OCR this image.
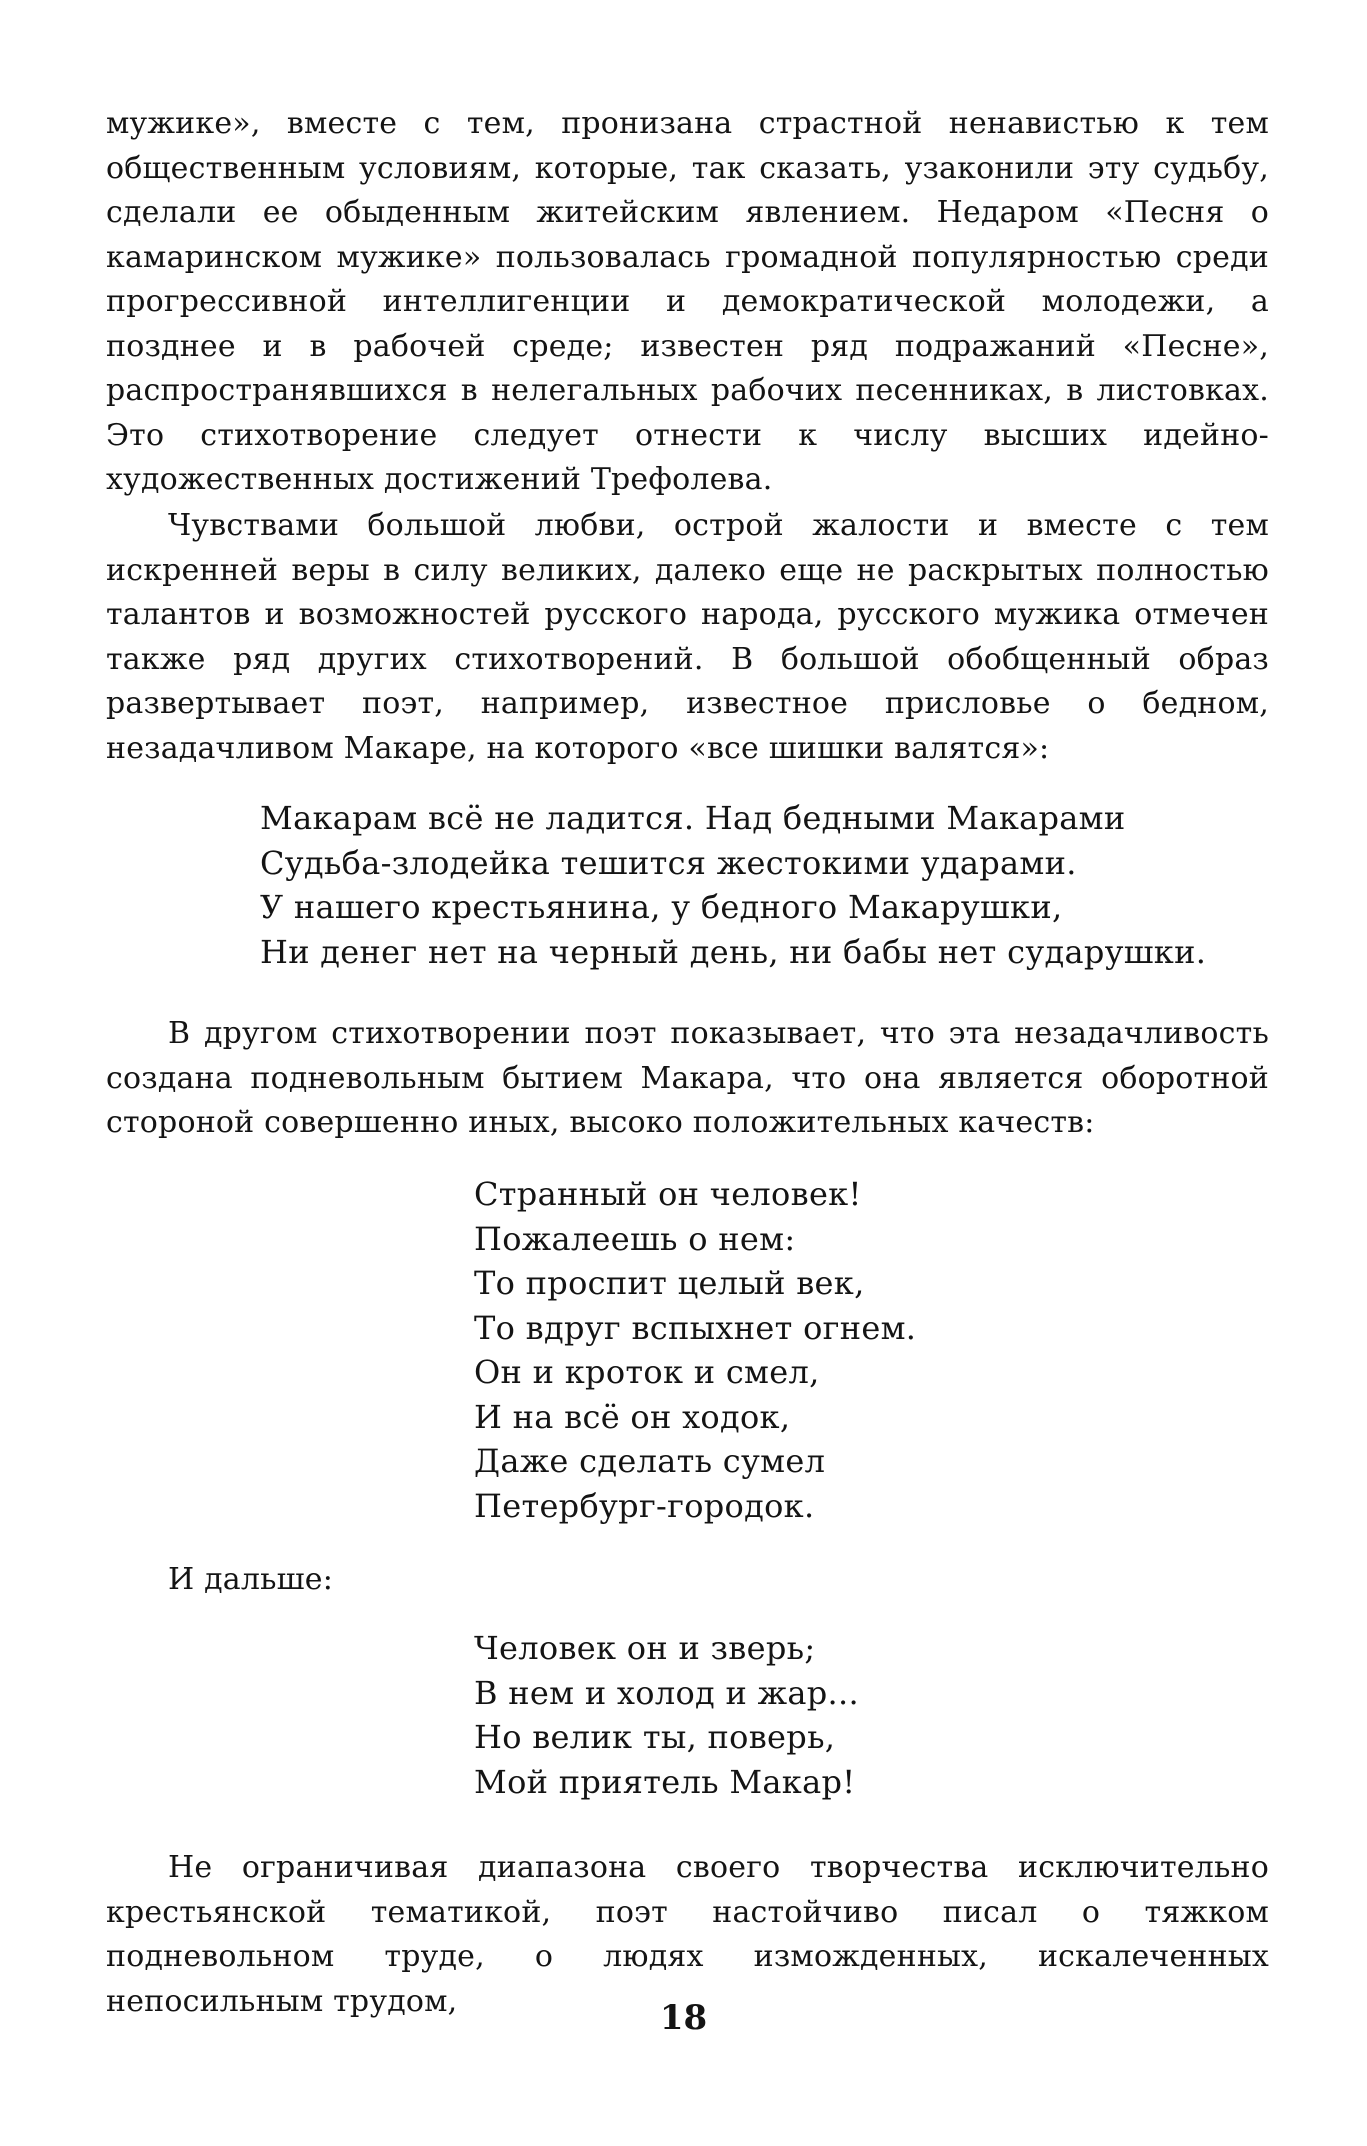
мужике», вместе с тем, пронизана страстной ненавистью к тем общественным условиям, которые, так сказать, узаконили эту судьбу, сделали ее обыденным житейским явлением. Недаром «Песня о камаринском мужике» пользовалась громадной популярностью среди прогрессивной интеллигенции и демократической молодежи, а позднее и в рабочей среде; известен ряд подражаний «Песне», распространявшихся в нелегальных рабочих песенниках, в листовках. Это стихотворение следует отнести к числу высших идейно-художественных достижений Трефолева.

Чувствами большой любви, острой жалости и вместе с тем искренней веры в силу великих, далеко еще не раскрытых полностью талантов и возможностей русского народа, русского мужика отмечен также ряд других стихотворений. В большой обобщенный образ развертывает поэт, например, известное присловье о бедном, незадачливом Макаре, на которого «все шишки валятся»:

Макарам всё не ладится. Над бедными Макарами
Судьба-злодейка тешится жестокими ударами.
У нашего крестьянина, у бедного Макарушки,
Ни денег нет на черный день, ни бабы нет сударушки.

В другом стихотворении поэт показывает, что эта незадачливость создана подневольным бытием Макара, что она является оборотной стороной совершенно иных, высоко положительных качеств:

Странный он человек!
Пожалеешь о нем:
То проспит целый век,
То вдруг вспыхнет огнем.
Он и кроток и смел,
И на всё он ходок,
Даже сделать сумел
Петербург-городок.

И дальше:

Человек он и зверь;
В нем и холод и жар...
Но велик ты, поверь,
Мой приятель Макар!

Не ограничивая диапазона своего творчества исключительно крестьянской тематикой, поэт настойчиво писал о тяжком подневольном труде, о людях изможденных, искалеченных непосильным трудом,	18
